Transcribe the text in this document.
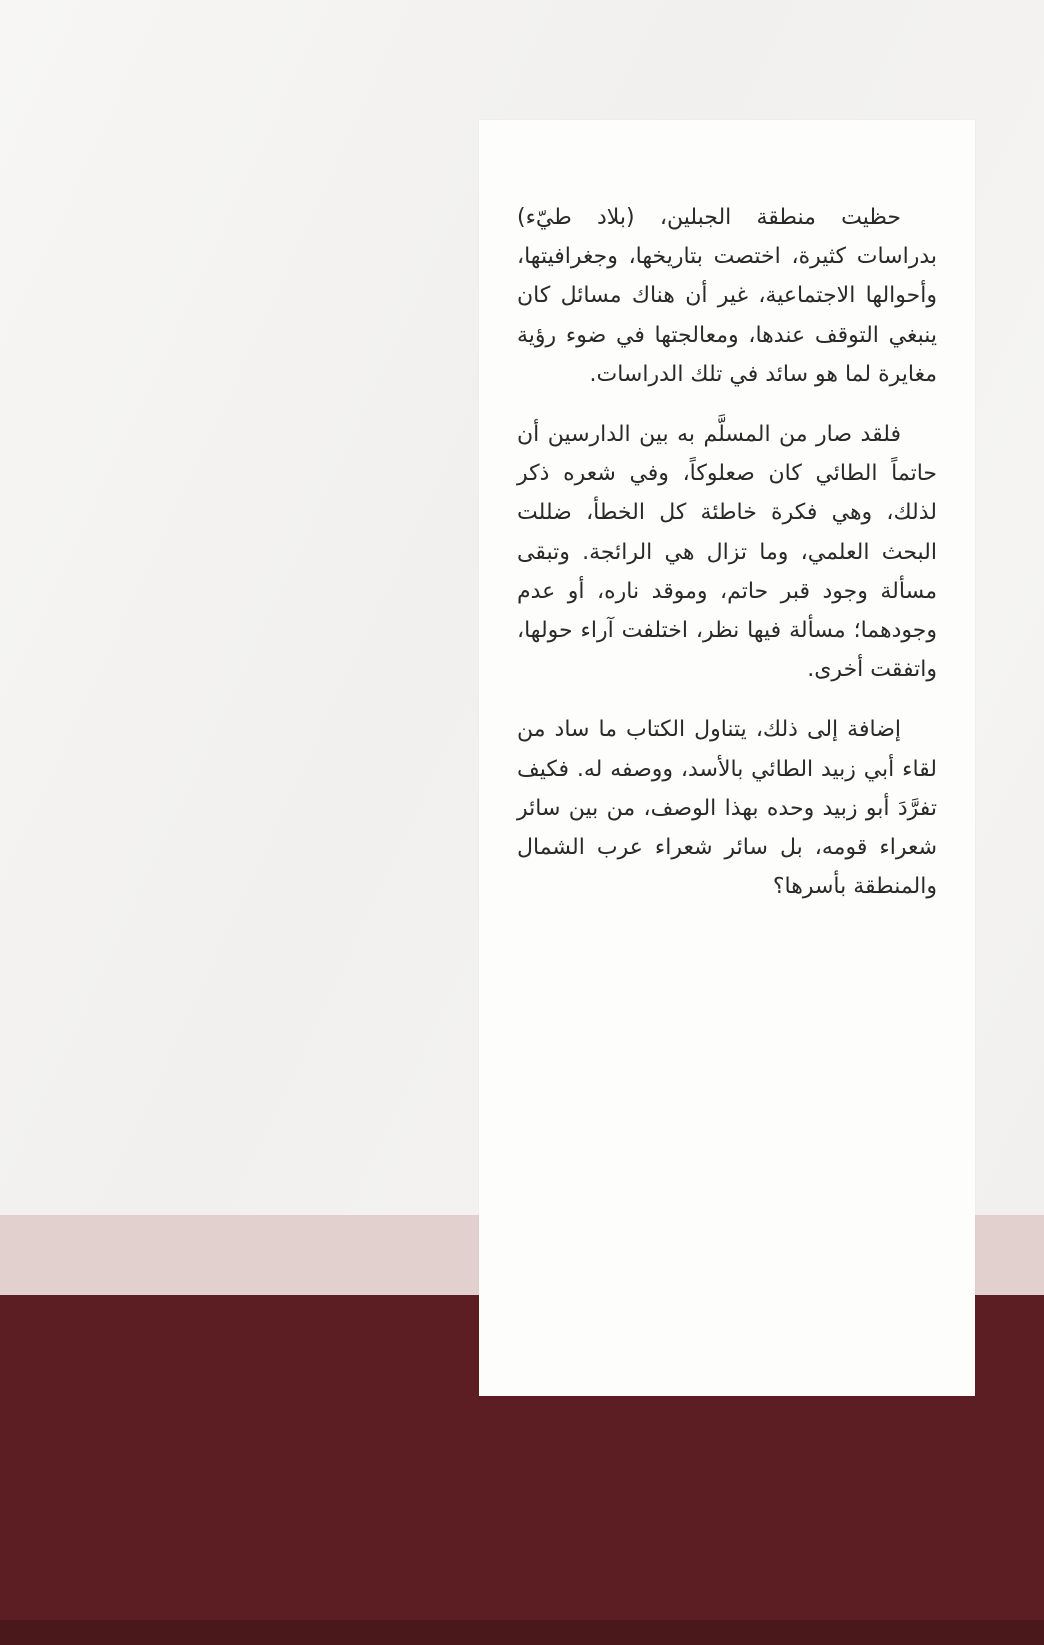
حظيت منطقة الجبلين، (بلاد طيّء) بدراسات كثيرة، اختصت بتاريخها، وجغرافيتها، وأحوالها الاجتماعية، غير أن هناك مسائل كان ينبغي التوقف عندها، ومعالجتها في ضوء رؤية مغايرة لما هو سائد في تلك الدراسات.

فلقد صار من المسلَّم به بين الدارسين أن حاتماً الطائي كان صعلوكاً، وفي شعره ذكر لذلك، وهي فكرة خاطئة كل الخطأ، ضللت البحث العلمي، وما تزال هي الرائجة. وتبقى مسألة وجود قبر حاتم، وموقد ناره، أو عدم وجودهما؛ مسألة فيها نظر، اختلفت آراء حولها، واتفقت أخرى.

إضافة إلى ذلك، يتناول الكتاب ما ساد من لقاء أبي زبيد الطائي بالأسد، ووصفه له. فكيف تفرَّدَ أبو زبيد وحده بهذا الوصف، من بين سائر شعراء قومه، بل سائر شعراء عرب الشمال والمنطقة بأسرها؟
